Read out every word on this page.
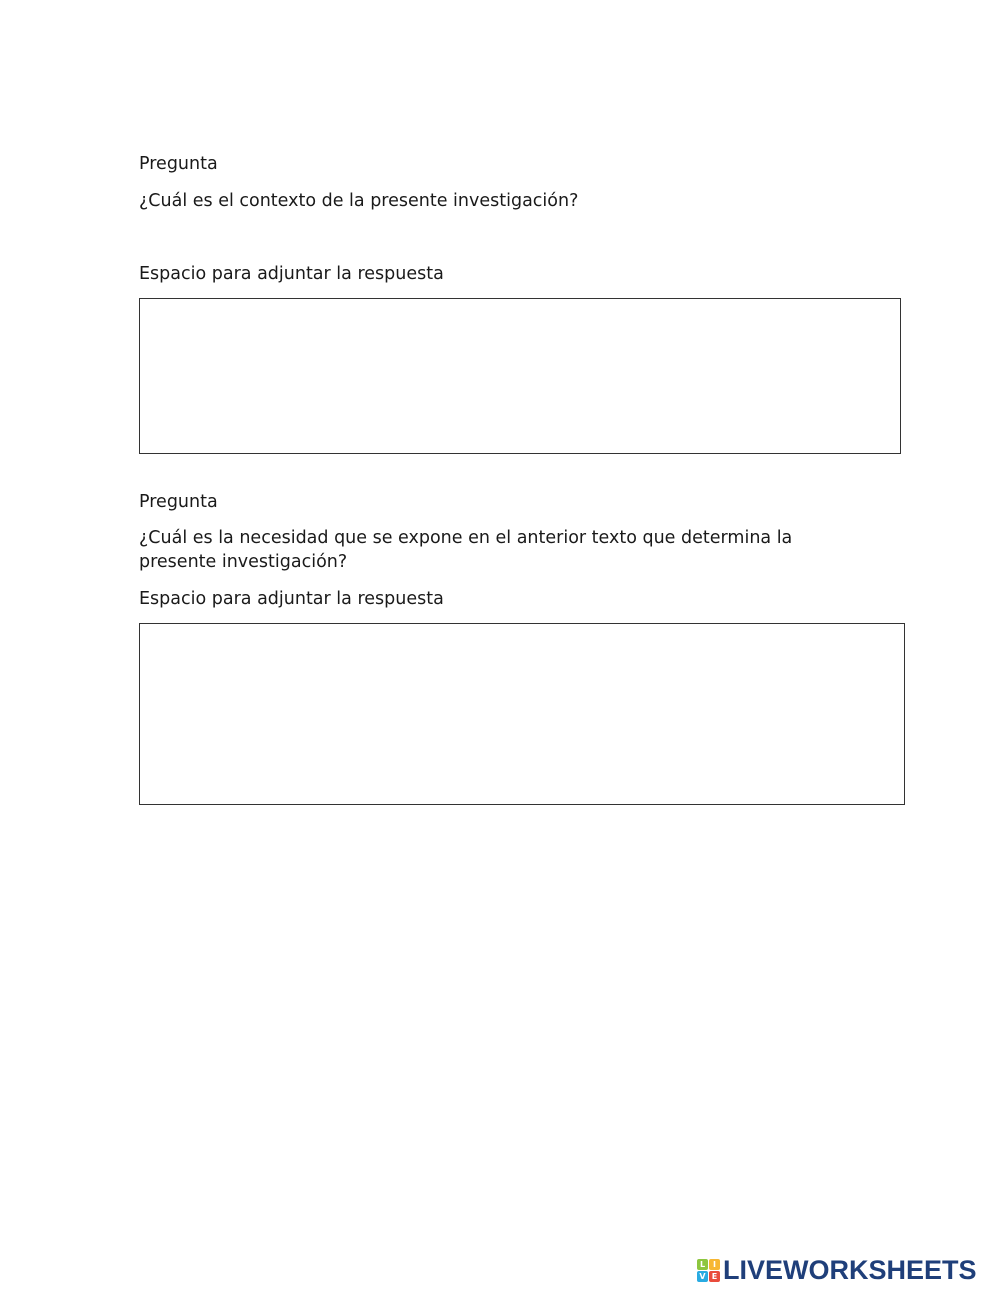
Pregunta

¿Cuál es el contexto de la presente investigación?

Espacio para adjuntar la respuesta

Pregunta

¿Cuál es la necesidad que se expone en el anterior texto que determina la presente investigación?

Espacio para adjuntar la respuesta

L I
V E LIVEWORKSHEETS
